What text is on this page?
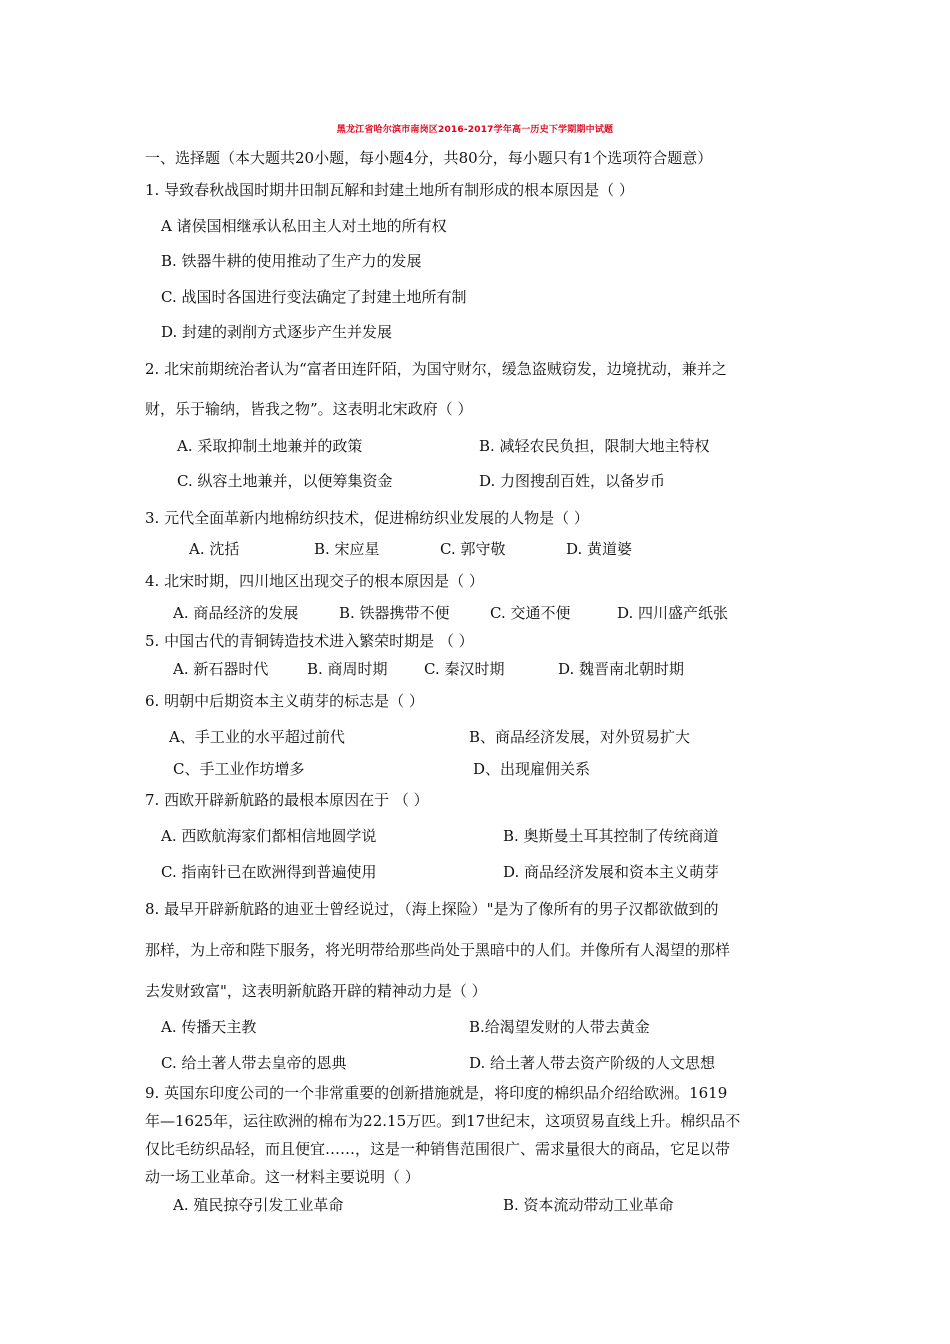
黑龙江省哈尔滨市南岗区2016-2017学年高一历史下学期期中试题
一、选择题（本大题共20小题，每小题4分，共80分，每小题只有1个选项符合题意）
1. 导致春秋战国时期井田制瓦解和封建土地所有制形成的根本原因是（ ）
A 诸侯国相继承认私田主人对土地的所有权
B. 铁器牛耕的使用推动了生产力的发展
C. 战国时各国进行变法确定了封建土地所有制
D. 封建的剥削方式逐步产生并发展
2. 北宋前期统治者认为“富者田连阡陌，为国守财尔，缓急盗贼窃发，边境扰动，兼并之
财，乐于输纳，皆我之物”。这表明北宋政府（ ）
A. 采取抑制土地兼并的政策	B. 减轻农民负担，限制大地主特权
C. 纵容土地兼并，以便筹集资金	D. 力图搜刮百姓，以备岁币
3. 元代全面革新内地棉纺织技术，促进棉纺织业发展的人物是（ ）
A. 沈括	B. 宋应星	C. 郭守敬	D. 黄道婆
4. 北宋时期，四川地区出现交子的根本原因是（ ）
A. 商品经济的发展	B. 铁器携带不便	C. 交通不便	D. 四川盛产纸张
5. 中国古代的青铜铸造技术进入繁荣时期是 （ ）
A. 新石器时代	B. 商周时期 C. 秦汉时期	D. 魏晋南北朝时期
6. 明朝中后期资本主义萌芽的标志是（ ）
A、手工业的水平超过前代	B、商品经济发展，对外贸易扩大
C、手工业作坊增多	D、出现雇佣关系
7. 西欧开辟新航路的最根本原因在于 （ ）
A. 西欧航海家们都相信地圆学说	B. 奥斯曼土耳其控制了传统商道
C. 指南针已在欧洲得到普遍使用	D. 商品经济发展和资本主义萌芽
8. 最早开辟新航路的迪亚士曾经说过，（海上探险）"是为了像所有的男子汉都欲做到的
那样，为上帝和陛下服务，将光明带给那些尚处于黑暗中的人们。并像所有人渴望的那样
去发财致富"，这表明新航路开辟的精神动力是（ ）
A. 传播天主教	B.给渴望发财的人带去黄金
C. 给土著人带去皇帝的恩典	D. 给土著人带去资产阶级的人文思想
9. 英国东印度公司的一个非常重要的创新措施就是，将印度的棉织品介绍给欧洲。1619
年—1625年，运往欧洲的棉布为22.15万匹。到17世纪末，这项贸易直线上升。棉织品不
仅比毛纺织品轻，而且便宜……，这是一种销售范围很广、需求量很大的商品，它足以带
动一场工业革命。这一材料主要说明（ ）
A. 殖民掠夺引发工业革命	B. 资本流动带动工业革命
